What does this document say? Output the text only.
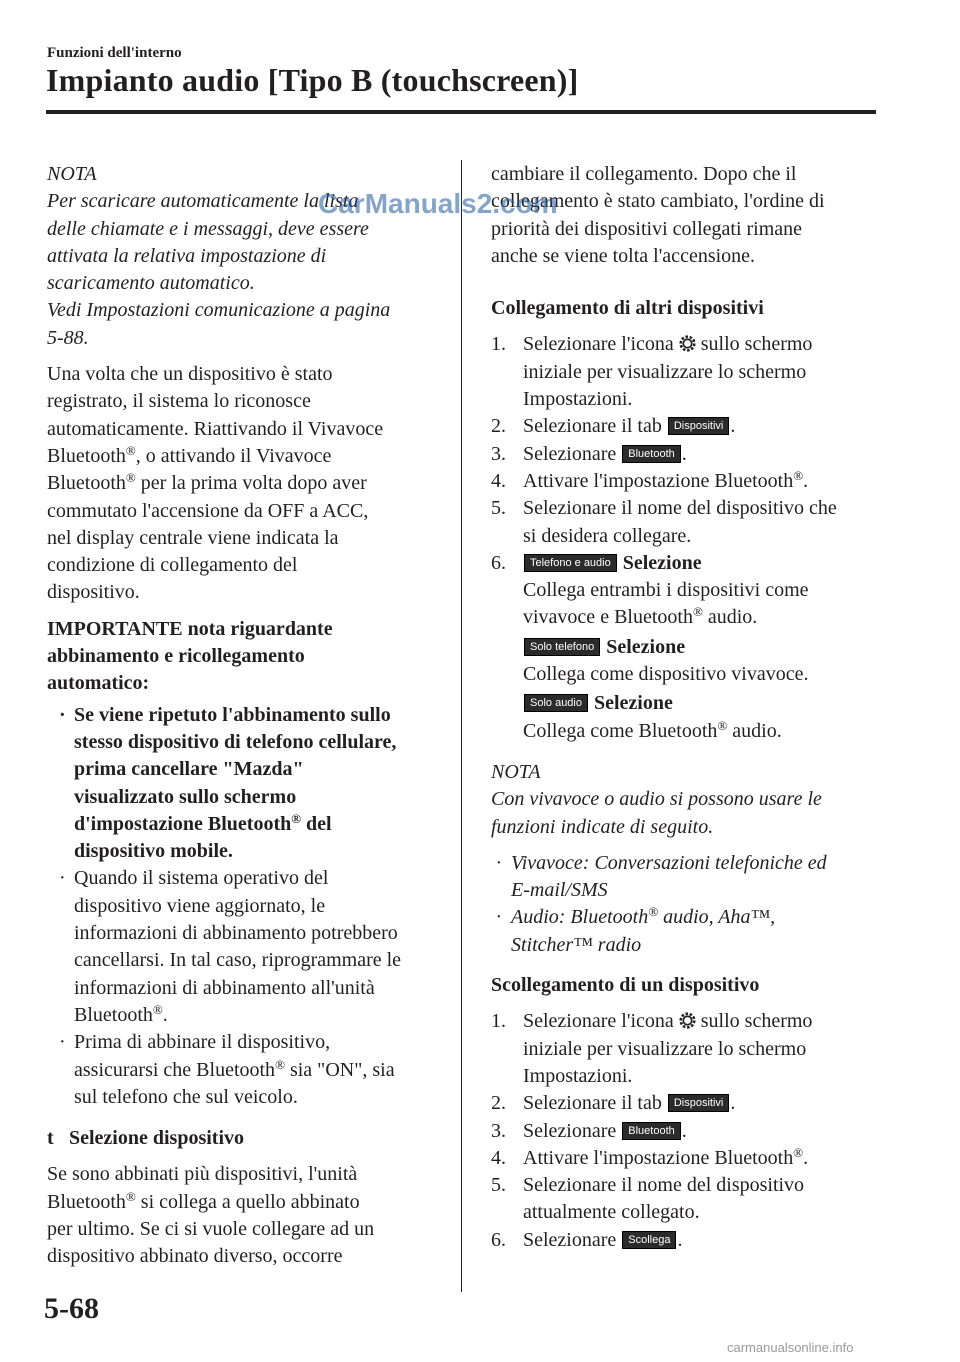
Funzioni dell'interno
Impianto audio [Tipo B (touchscreen)]

NOTA

Per scaricare automaticamente la lista

delle chiamate e i messaggi, deve essere

attivata la relativa impostazione di

scaricamento automatico.

Vedi Impostazioni comunicazione a pagina

5-88.

Una volta che un dispositivo è stato

registrato, il sistema lo riconosce

automaticamente. Riattivando il Vivavoce

Bluetooth®, o attivando il Vivavoce

Bluetooth® per la prima volta dopo aver

commutato l'accensione da OFF a ACC,

nel display centrale viene indicata la

condizione di collegamento del

dispositivo.

IMPORTANTE nota riguardante

abbinamento e ricollegamento

automatico:

· Se viene ripetuto l'abbinamento sullo

stesso dispositivo di telefono cellulare,

prima cancellare "Mazda"

visualizzato sullo schermo

d'impostazione Bluetooth® del

dispositivo mobile.

· Quando il sistema operativo del

dispositivo viene aggiornato, le

informazioni di abbinamento potrebbero

cancellarsi. In tal caso, riprogrammare le

informazioni di abbinamento all'unità

Bluetooth®.

· Prima di abbinare il dispositivo,

assicurarsi che Bluetooth® sia "ON", sia

sul telefono che sul veicolo.

t Selezione dispositivo

Se sono abbinati più dispositivi, l'unità

Bluetooth® si collega a quello abbinato

per ultimo. Se ci si vuole collegare ad un

dispositivo abbinato diverso, occorre

cambiare il collegamento. Dopo che il

collegamento è stato cambiato, l'ordine di

priorità dei dispositivi collegati rimane

anche se viene tolta l'accensione.

Collegamento di altri dispositivi

1. Selezionare l'icona sullo schermo

iniziale per visualizzare lo schermo

Impostazioni.

2. Selezionare il tab Dispositivi .

3. Selezionare Bluetooth .

4. Attivare l'impostazione Bluetooth®.

5. Selezionare il nome del dispositivo che

si desidera collegare.

6.	Telefono e audio Selezione

Collega entrambi i dispositivi come

vivavoce e Bluetooth® audio.

Solo telefono Selezione

Collega come dispositivo vivavoce.

Solo audio Selezione

Collega come Bluetooth® audio.

NOTA

Con vivavoce o audio si possono usare le

funzioni indicate di seguito.

· Vivavoce: Conversazioni telefoniche ed

E-mail/SMS

· Audio: Bluetooth® audio, Aha™,

Stitcher™ radio

Scollegamento di un dispositivo

1. Selezionare l'icona sullo schermo

iniziale per visualizzare lo schermo

Impostazioni.

2. Selezionare il tab Dispositivi .

3. Selezionare Bluetooth .

4. Attivare l'impostazione Bluetooth®.

5. Selezionare il nome del dispositivo

attualmente collegato.

6. Selezionare Scollega .

CarManuals2.com
5-68
carmanualsonline.info
